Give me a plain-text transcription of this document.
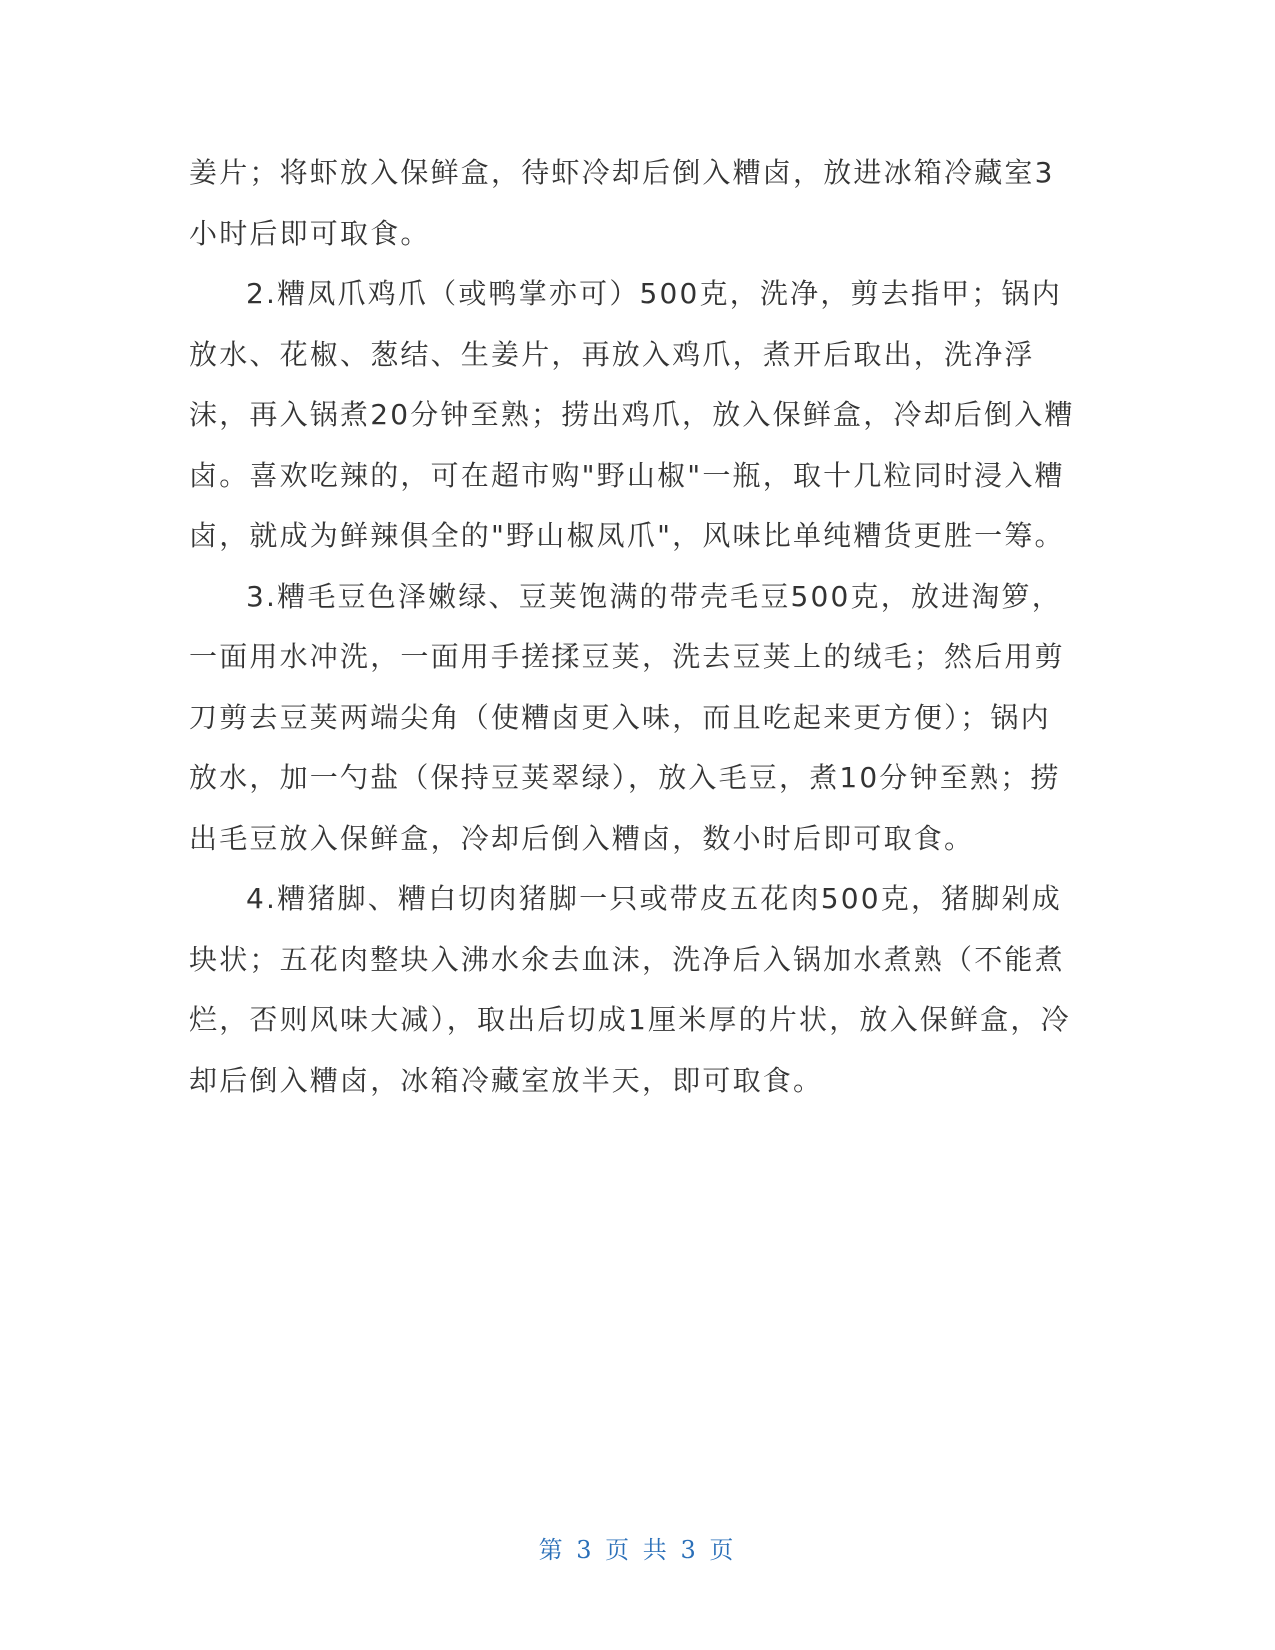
姜片；将虾放入保鲜盒，待虾冷却后倒入糟卤，放进冰箱冷藏室3小时后即可取食。

2.糟凤爪鸡爪（或鸭掌亦可）500克，洗净，剪去指甲；锅内放水、花椒、葱结、生姜片，再放入鸡爪，煮开后取出，洗净浮沫，再入锅煮20分钟至熟；捞出鸡爪，放入保鲜盒，冷却后倒入糟卤。喜欢吃辣的，可在超市购"野山椒"一瓶，取十几粒同时浸入糟卤，就成为鲜辣俱全的"野山椒凤爪"，风味比单纯糟货更胜一筹。

3.糟毛豆色泽嫩绿、豆荚饱满的带壳毛豆500克，放进淘箩，一面用水冲洗，一面用手搓揉豆荚，洗去豆荚上的绒毛；然后用剪刀剪去豆荚两端尖角（使糟卤更入味，而且吃起来更方便）；锅内放水，加一勺盐（保持豆荚翠绿），放入毛豆，煮10分钟至熟；捞出毛豆放入保鲜盒，冷却后倒入糟卤，数小时后即可取食。

4.糟猪脚、糟白切肉猪脚一只或带皮五花肉500克，猪脚剁成块状；五花肉整块入沸水氽去血沫，洗净后入锅加水煮熟（不能煮烂，否则风味大减），取出后切成1厘米厚的片状，放入保鲜盒，冷却后倒入糟卤，冰箱冷藏室放半天，即可取食。

第 3 页 共 3 页
